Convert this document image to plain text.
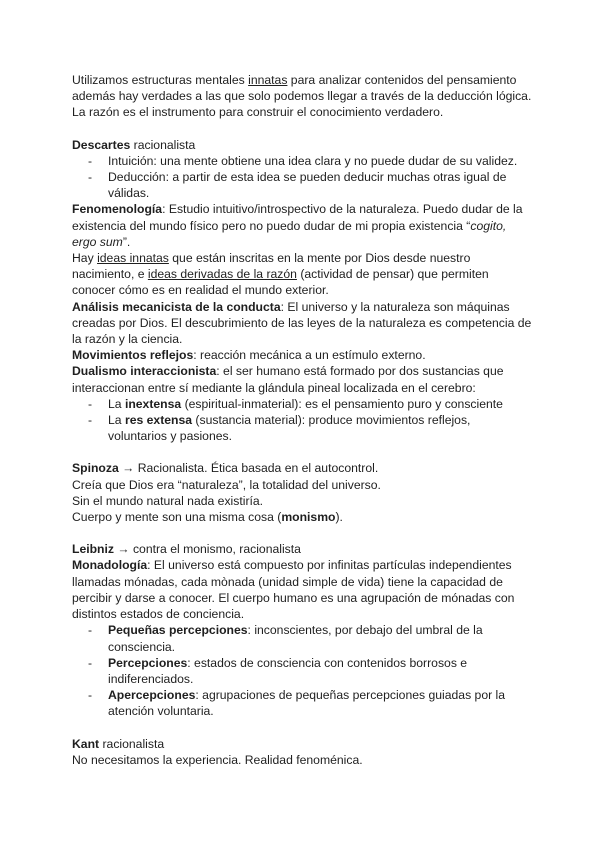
Utilizamos estructuras mentales innatas para analizar contenidos del pensamiento además hay verdades a las que solo podemos llegar a través de la deducción lógica. La razón es el instrumento para construir el conocimiento verdadero.

Descartes racionalista

- Intuición: una mente obtiene una idea clara y no puede dudar de su validez.
- Deducción: a partir de esta idea se pueden deducir muchas otras igual de válidas.

Fenomenología: Estudio intuitivo/introspectivo de la naturaleza. Puedo dudar de la existencia del mundo físico pero no puedo dudar de mi propia existencia “cogito, ergo sum”.

Hay ideas innatas que están inscritas en la mente por Dios desde nuestro nacimiento, e ideas derivadas de la razón (actividad de pensar) que permiten conocer cómo es en realidad el mundo exterior.

Análisis mecanicista de la conducta: El universo y la naturaleza son máquinas creadas por Dios. El descubrimiento de las leyes de la naturaleza es competencia de la razón y la ciencia.

Movimientos reflejos: reacción mecánica a un estímulo externo.

Dualismo interaccionista: el ser humano está formado por dos sustancias que interaccionan entre sí mediante la glándula pineal localizada en el cerebro:

- La inextensa (espiritual-inmaterial): es el pensamiento puro y consciente
- La res extensa (sustancia material): produce movimientos reflejos, voluntarios y pasiones.

Spinoza → Racionalista. Ética basada en el autocontrol.

Creía que Dios era “naturaleza”, la totalidad del universo.

Sin el mundo natural nada existiría.

Cuerpo y mente son una misma cosa (monismo).

Leibniz → contra el monismo, racionalista

Monadología: El universo está compuesto por infinitas partículas independientes llamadas mónadas, cada mònada (unidad simple de vida) tiene la capacidad de percibir y darse a conocer. El cuerpo humano es una agrupación de mónadas con distintos estados de conciencia.

- Pequeñas percepciones: inconscientes, por debajo del umbral de la consciencia.
- Percepciones: estados de consciencia con contenidos borrosos e indiferenciados.
- Apercepciones: agrupaciones de pequeñas percepciones guiadas por la atención voluntaria.

Kant racionalista

No necesitamos la experiencia. Realidad fenoménica.
